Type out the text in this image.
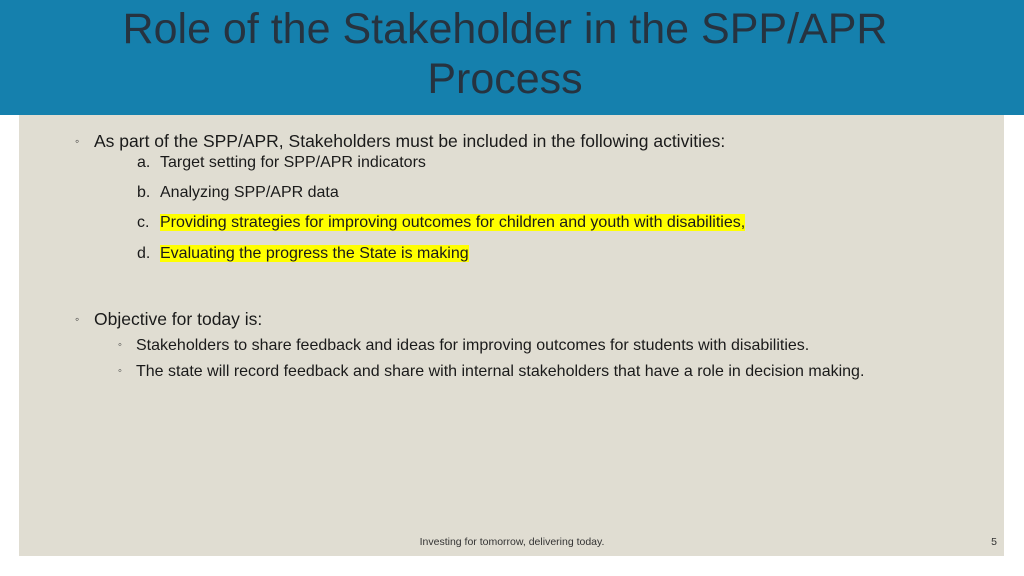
Role of the Stakeholder in the SPP/APR Process
◦ As part of the SPP/APR, Stakeholders must be included in the following activities:
a. Target setting for SPP/APR indicators
b. Analyzing SPP/APR data
c. Providing strategies for improving outcomes for children and youth with disabilities,
d. Evaluating the progress the State is making
◦ Objective for today is:
◦ Stakeholders to share feedback and ideas for improving outcomes for students with disabilities.
◦ The state will record feedback and share with internal stakeholders that have a role in decision making.
Investing for tomorrow, delivering today.	5
